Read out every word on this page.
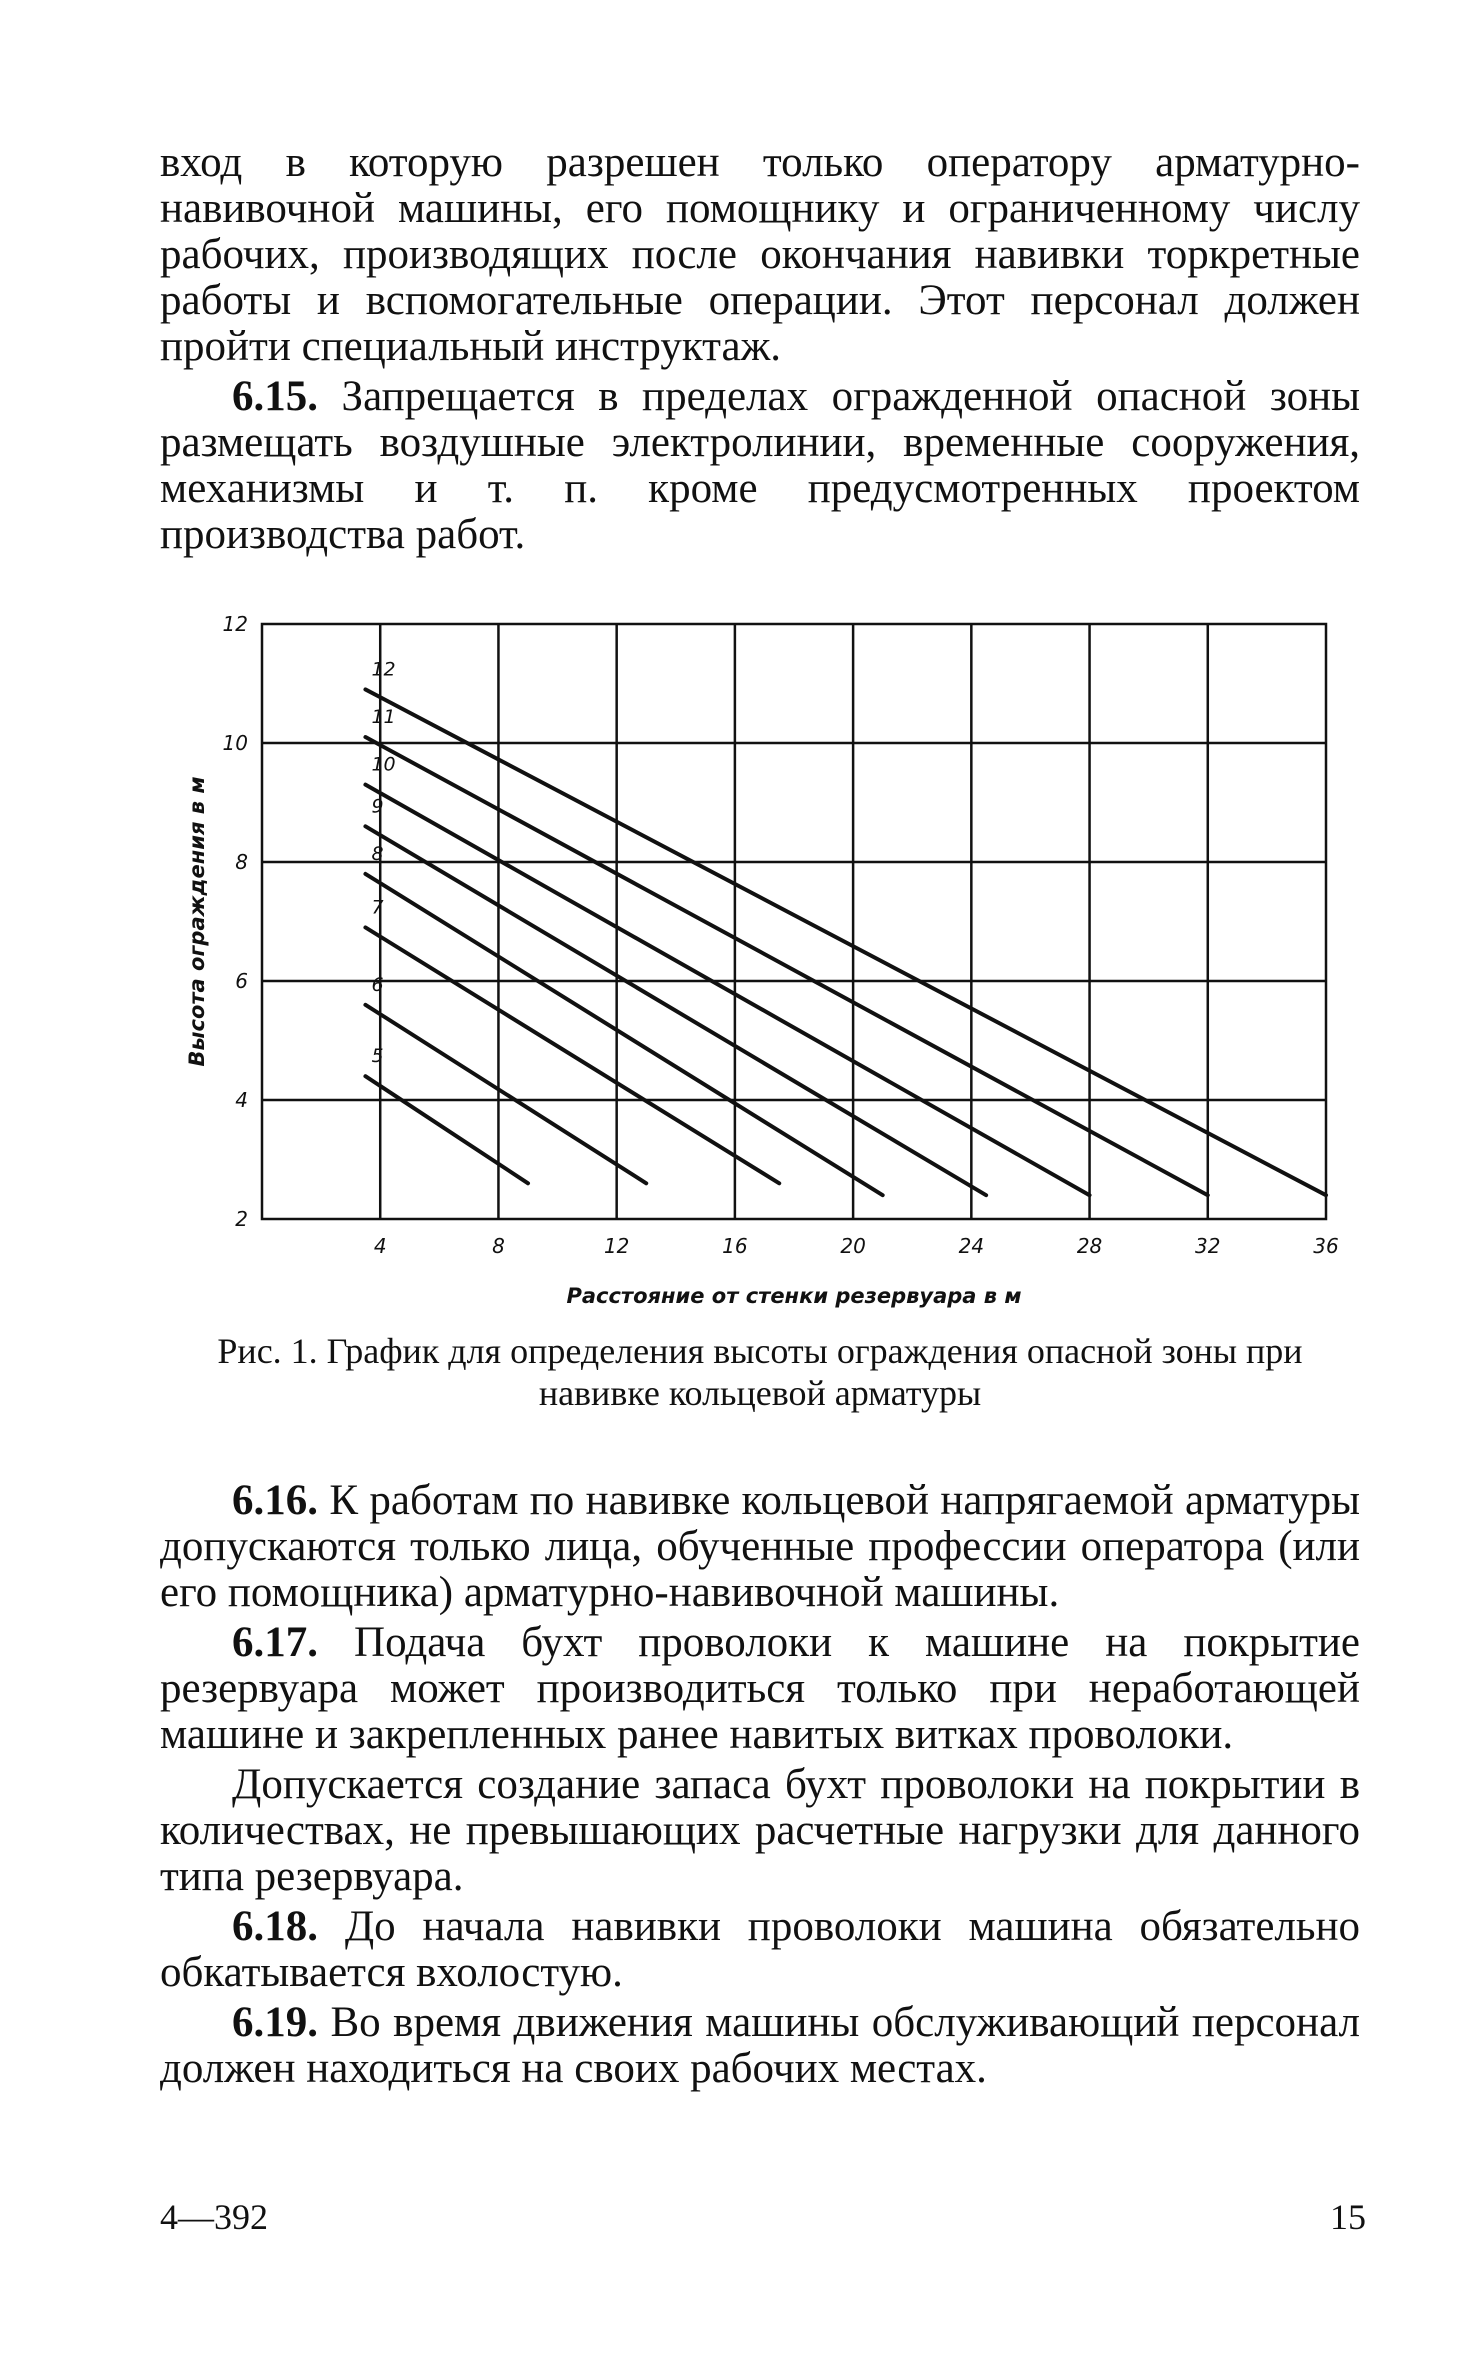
вход в которую разрешен только оператору арматурно-навивочной машины, его помощнику и ограниченному числу рабочих, производящих после окончания навивки торкретные работы и вспомогательные операции. Этот персонал должен пройти специальный инструктаж.

6.15. Запрещается в пределах огражденной опасной зоны размещать воздушные электролинии, временные сооружения, механизмы и т. п. кроме предусмотренных проектом производства работ.

4	8	12	16	20	24	28	32	36
12
10
8
6
4
2
12
11
10
9
8
7
6
5
Расстояние от стенки резервуара в м
Высота ограждения в м
Рис. 1. График для определения высоты ограждения опасной зоны при навивке кольцевой арматуры

6.16. К работам по навивке кольцевой напрягаемой арматуры допускаются только лица, обученные профессии оператора (или его помощника) арматурно-навивочной машины.

6.17. Подача бухт проволоки к машине на покрытие резервуара может производиться только при неработающей машине и закрепленных ранее навитых витках проволоки.

Допускается создание запаса бухт проволоки на покрытии в количествах, не превышающих расчетные нагрузки для данного типа резервуара.

6.18. До начала навивки проволоки машина обязательно обкатывается вхолостую.

6.19. Во время движения машины обслуживающий персонал должен находиться на своих рабочих местах.

4—392	15
